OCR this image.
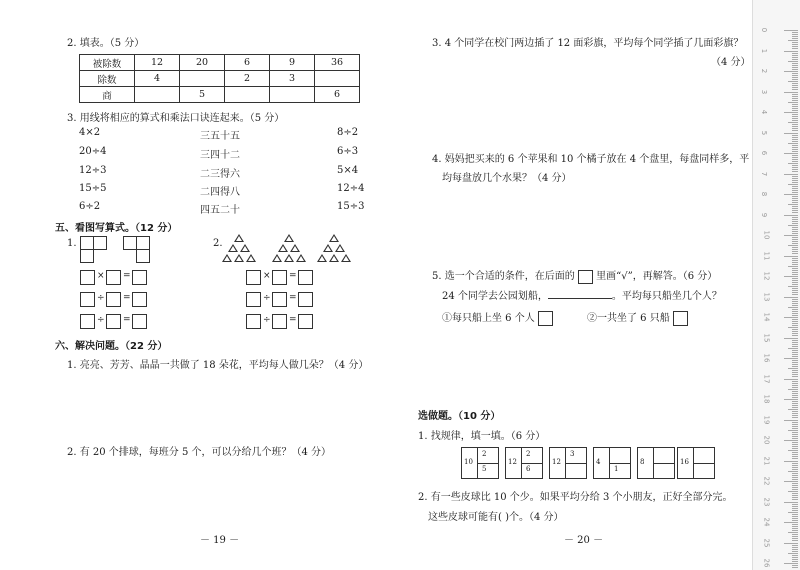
2. 填表。（5 分）
被除数	12	20	6	9	36
除数	4		2	3	
商		5			6
3. 用线将相应的算式和乘法口诀连起来。（5 分）
4×2
20÷4
12÷3
15÷5
6÷2
三五十五
三四十二
二三得六
二四得八
四五二十
8÷2
6÷3
5×4
12÷4
15÷3
五、看图写算式。（12 分）
1.
× =
÷ =
÷ =
2.
× =
÷ =
÷ =
六、解决问题。（22 分）
1. 亮亮、芳芳、晶晶一共做了 18 朵花，平均每人做几朵？（4 分）
2. 有 20 个排球，每班分 5 个，可以分给几个班？（4 分）
－ 19 －
3. 4 个同学在校门两边插了 12 面彩旗，平均每个同学插了几面彩旗？
（4 分）
4. 妈妈把买来的 6 个苹果和 10 个橘子放在 4 个盘里，每盘同样多，平
均每盘放几个水果？（4 分）
5. 选一个合适的条件，在后面的 里画“√”，再解答。（6 分）
24 个同学去公园划船，	。平均每只船坐几个人？
①每只船上坐 6 个人	②一共坐了 6 只船
选做题。（10 分）
1. 找规律，填一填。（6 分）
10
2
5
12
2
6
12
3
4
1
8	16
2. 有一些皮球比 10 个少。如果平均分给 3 个小朋友，正好全部分完。
这些皮球可能有( )个。（4 分）
－ 20 －
0
1
2
3
4
5
6
7
8
9
10
11
12
13
14
15
16
17
18
19
20
21
22
23
24
25
26
